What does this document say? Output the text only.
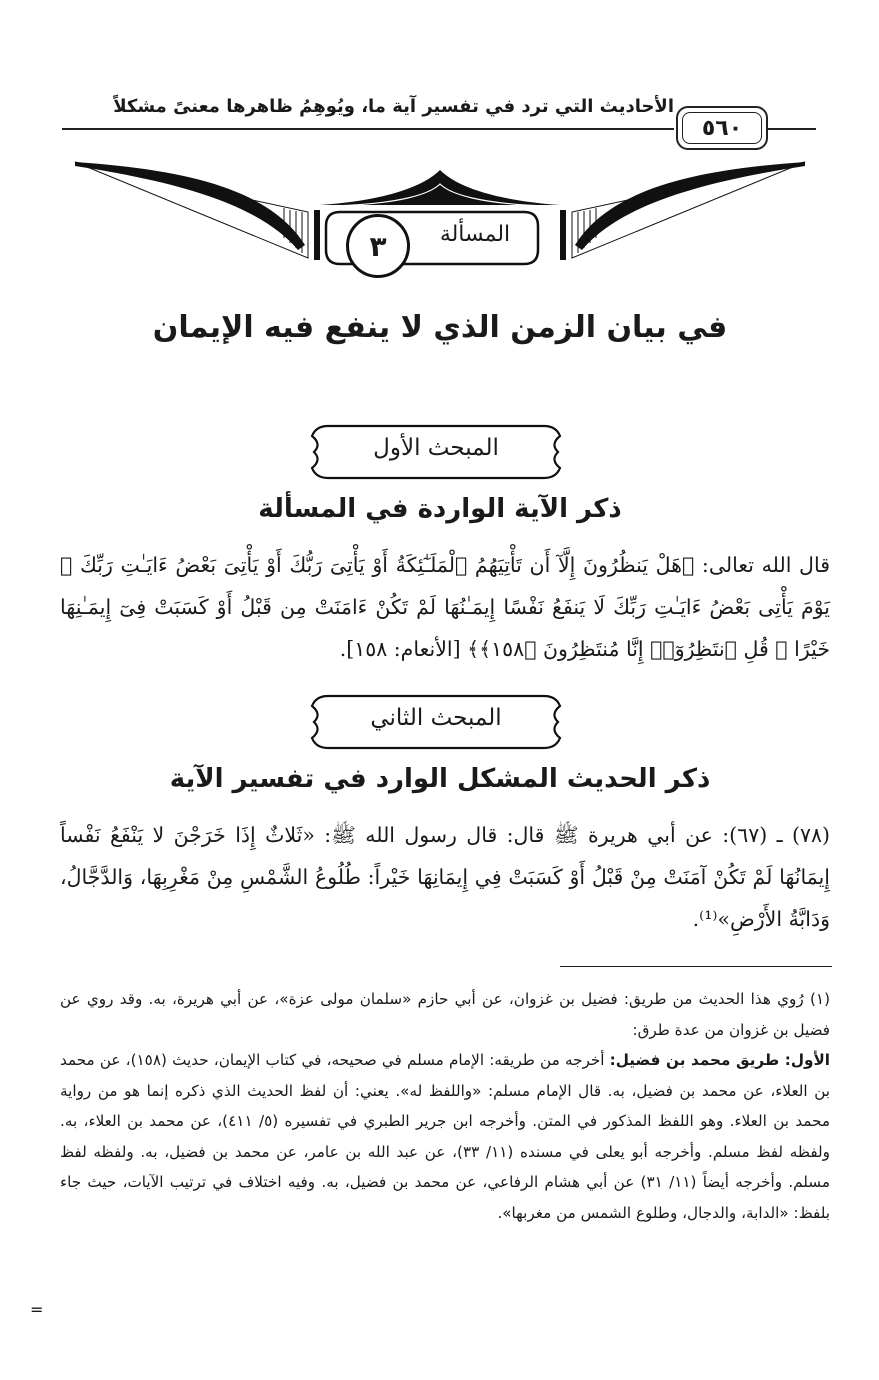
الأحاديث التي ترد في تفسير آية ما، ويُوهِمُ ظاهرها معنىً مشكلاً
٥٦٠
المسألة
٣
في بيان الزمن الذي لا ينفع فيه الإيمان
المبحث الأول
ذكر الآية الواردة في المسألة
قال الله تعالى: ﴿هَلْ يَنظُرُونَ إِلَّآ أَن تَأْتِيَهُمُ ٱلْمَلَـٰٓئِكَةُ أَوْ يَأْتِىَ رَبُّكَ أَوْ يَأْتِىَ بَعْضُ ءَايَـٰتِ رَبِّكَ ۗ يَوْمَ يَأْتِى بَعْضُ ءَايَـٰتِ رَبِّكَ لَا يَنفَعُ نَفْسًا إِيمَـٰنُهَا لَمْ تَكُنْ ءَامَنَتْ مِن قَبْلُ أَوْ كَسَبَتْ فِىٓ إِيمَـٰنِهَا خَيْرًا ۗ قُلِ ٱنتَظِرُوٓا۟ إِنَّا مُنتَظِرُونَ ﴿١٥٨﴾﴾ [الأنعام: ١٥٨].
المبحث الثاني
ذكر الحديث المشكل الوارد في تفسير الآية
(٧٨) ـ (٦٧): عن أبي هريرة ﷺ قال: قال رسول الله ﷺ: «ثَلاثٌ إِذَا خَرَجْنَ لا يَنْفَعُ نَفْساً إِيمَانُهَا لَمْ تَكُنْ آمَنَتْ مِنْ قَبْلُ أَوْ كَسَبَتْ فِي إِيمَانِهَا خَيْراً: طُلُوعُ الشَّمْسِ مِنْ مَغْرِبِهَا، وَالدَّجَّالُ، وَدَابَّةُ الأَرْضِ»⁽¹⁾.
(١) رُوي هذا الحديث من طريق: فضيل بن غزوان، عن أبي حازم «سلمان مولى عزة»، عن أبي هريرة، به. وقد روي عن فضيل بن غزوان من عدة طرق:
الأول: طريق محمد بن فضيل: أخرجه من طريقه: الإمام مسلم في صحيحه، في كتاب الإيمان، حديث (١٥٨)، عن محمد بن العلاء، عن محمد بن فضيل، به. قال الإمام مسلم: «واللفظ له». يعني: أن لفظ الحديث الذي ذكره إنما هو من رواية محمد بن العلاء. وهو اللفظ المذكور في المتن. وأخرجه ابن جرير الطبري في تفسيره (٥/ ٤١١)، عن محمد بن العلاء، به. ولفظه لفظ مسلم. وأخرجه أبو يعلى في مسنده (١١/ ٣٣)، عن عبد الله بن عامر، عن محمد بن فضيل، به. ولفظه لفظ مسلم. وأخرجه أيضاً (١١/ ٣١) عن أبي هشام الرفاعي، عن محمد بن فضيل، به. وفيه اختلاف في ترتيب الآيات، حيث جاء بلفظ: «الدابة، والدجال، وطلوع الشمس من مغربها».
=
